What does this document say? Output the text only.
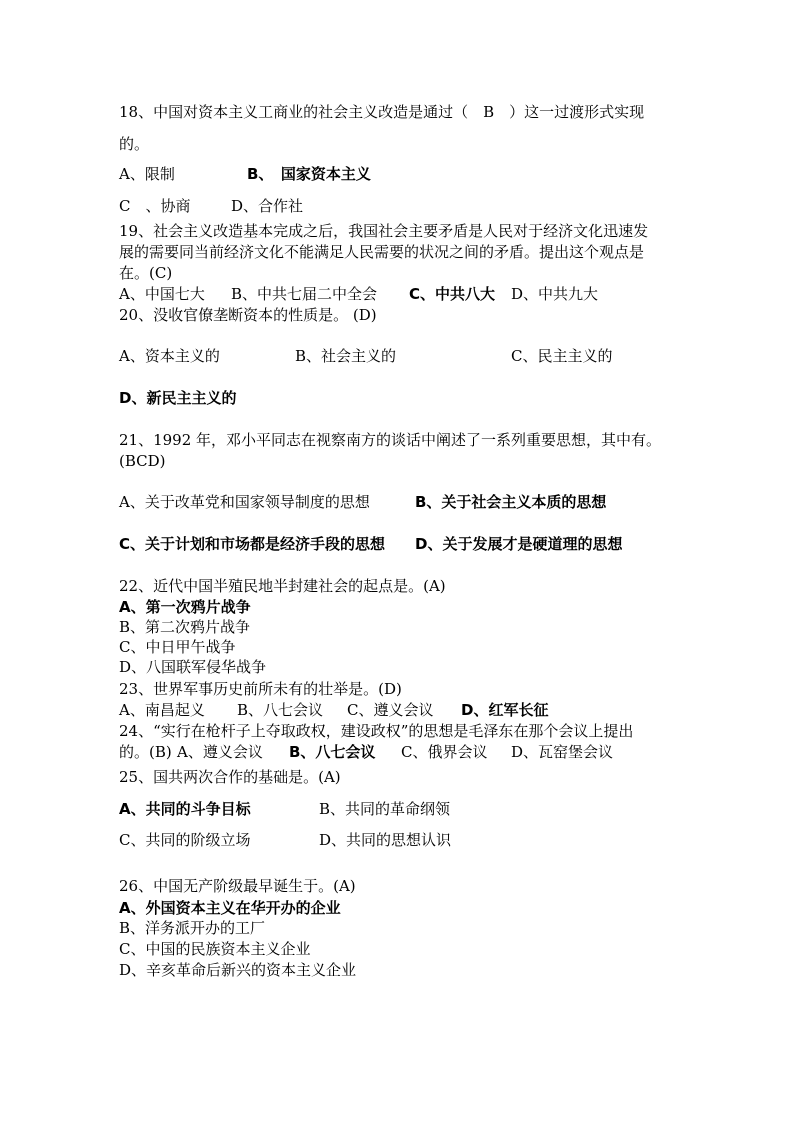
18、中国对资本主义工商业的社会主义改造是通过（　B　）这一过渡形式实现
的。
A、限制	B、　国家资本主义
C　、协商	D、合作社
19、社会主义改造基本完成之后，我国社会主要矛盾是人民对于经济文化迅速发
展的需要同当前经济文化不能满足人民需要的状况之间的矛盾。提出这个观点是
在。(C)
A、中国七大 B、中共七届二中全会 C、中共八大 D、中共九大
20、没收官僚垄断资本的性质是。 (D)
A、资本主义的	B、社会主义的	C、民主主义的
D、新民主主义的
21、1992 年，邓小平同志在视察南方的谈话中阐述了一系列重要思想，其中有。
(BCD)
A、关于改革党和国家领导制度的思想	B、关于社会主义本质的思想
C、关于计划和市场都是经济手段的思想 D、关于发展才是硬道理的思想
22、近代中国半殖民地半封建社会的起点是。(A)
A、第一次鸦片战争
B、第二次鸦片战争
C、中日甲午战争
D、八国联军侵华战争
23、世界军事历史前所未有的壮举是。(D)
A、南昌起义 B、八七会议 C、遵义会议 D、红军长征
24、“实行在枪杆子上夺取政权，建设政权”的思想是毛泽东在那个会议上提出
的。(B) A、遵义会议 B、八七会议 C、俄界会议 D、瓦窑堡会议
25、国共两次合作的基础是。(A)
A、共同的斗争目标	B、共同的革命纲领
C、共同的阶级立场	D、共同的思想认识
26、中国无产阶级最早诞生于。(A)
A、外国资本主义在华开办的企业
B、洋务派开办的工厂
C、中国的民族资本主义企业
D、辛亥革命后新兴的资本主义企业
